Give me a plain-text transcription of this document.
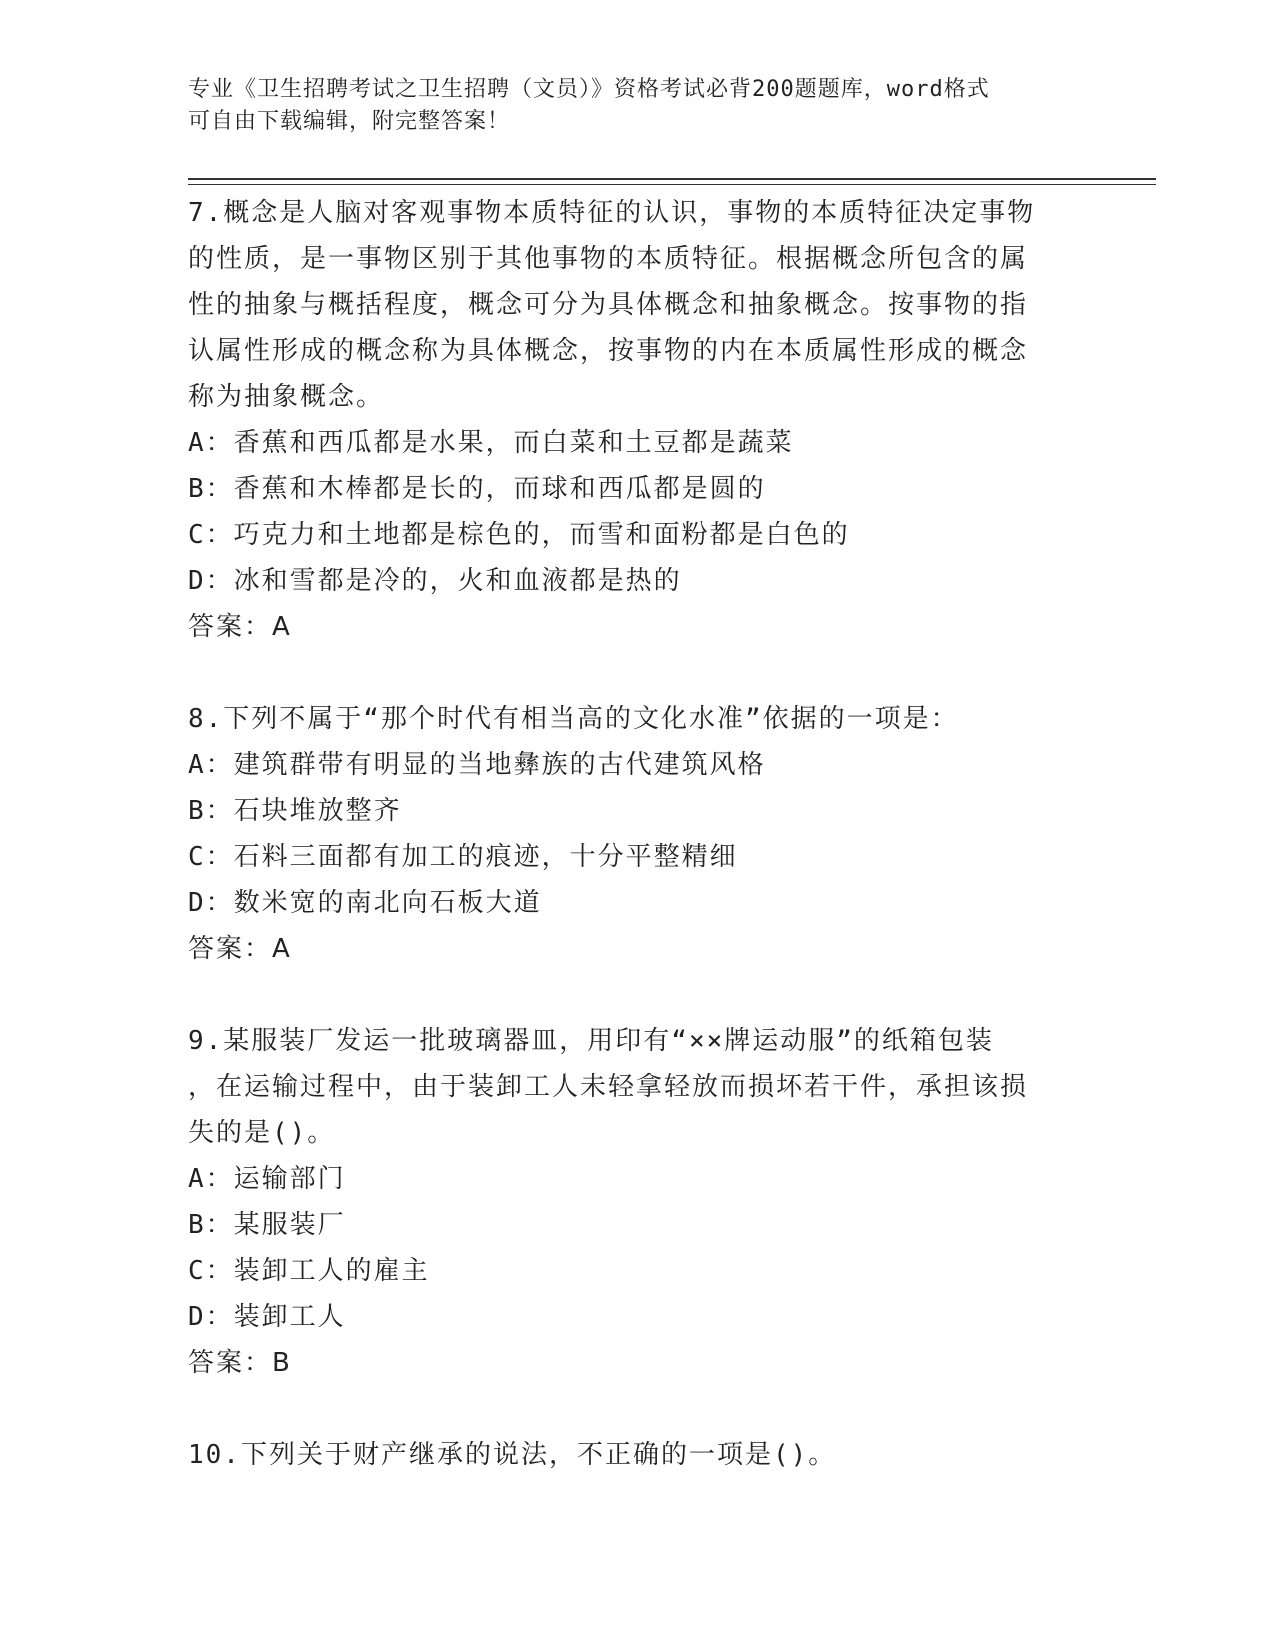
专业《卫生招聘考试之卫生招聘（文员）》资格考试必背200题题库，word格式
可自由下载编辑，附完整答案！
7.概念是人脑对客观事物本质特征的认识，事物的本质特征决定事物
的性质，是一事物区别于其他事物的本质特征。根据概念所包含的属
性的抽象与概括程度，概念可分为具体概念和抽象概念。按事物的指
认属性形成的概念称为具体概念，按事物的内在本质属性形成的概念
称为抽象概念。
A：香蕉和西瓜都是水果，而白菜和土豆都是蔬菜
B：香蕉和木棒都是长的，而球和西瓜都是圆的
C：巧克力和土地都是棕色的，而雪和面粉都是白色的
D：冰和雪都是冷的，火和血液都是热的
答案：A
8.下列不属于“那个时代有相当高的文化水准”依据的一项是：
A：建筑群带有明显的当地彝族的古代建筑风格
B：石块堆放整齐
C：石料三面都有加工的痕迹，十分平整精细
D：数米宽的南北向石板大道
答案：A
9.某服装厂发运一批玻璃器皿，用印有“××牌运动服”的纸箱包装
，在运输过程中，由于装卸工人未轻拿轻放而损坏若干件，承担该损
失的是()。
A：运输部门
B：某服装厂
C：装卸工人的雇主
D：装卸工人
答案：B
10.下列关于财产继承的说法，不正确的一项是()。
